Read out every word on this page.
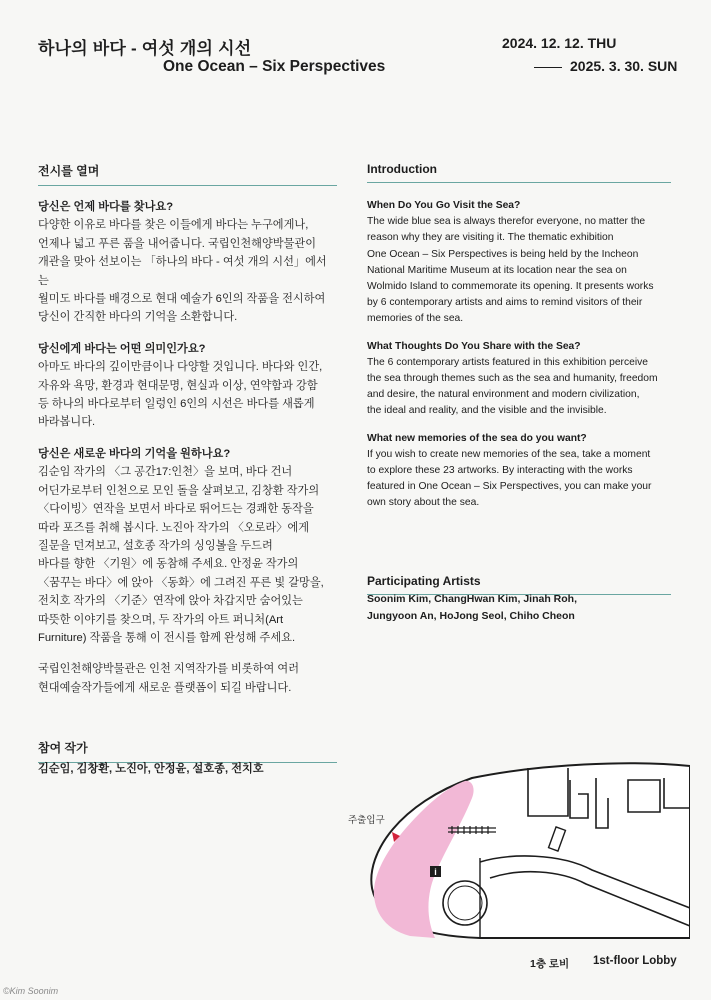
하나의 바다 - 여섯 개의 시선
One Ocean – Six Perspectives
2024. 12. 12. THU
2025. 3. 30. SUN
전시를 열며

당신은 언제 바다를 찾나요?
다양한 이유로 바다를 찾은 이들에게 바다는 누구에게나,
언제나 넓고 푸른 품을 내어줍니다. 국립인천해양박물관이
개관을 맞아 선보이는 「하나의 바다 - 여섯 개의 시선」에서는
월미도 바다를 배경으로 현대 예술가 6인의 작품을 전시하여
당신이 간직한 바다의 기억을 소환합니다.

당신에게 바다는 어떤 의미인가요?
아마도 바다의 깊이만큼이나 다양할 것입니다. 바다와 인간,
자유와 욕망, 환경과 현대문명, 현실과 이상, 연약함과 강함
등 하나의 바다로부터 일렁인 6인의 시선은 바다를 새롭게
바라봅니다.

당신은 새로운 바다의 기억을 원하나요?
김순임 작가의 〈그 공간17:인천〉을 보며, 바다 건너
어딘가로부터 인천으로 모인 돌을 살펴보고, 김창환 작가의
〈다이빙〉연작을 보면서 바다로 뛰어드는 경쾌한 동작을
따라 포즈를 취해 봅시다. 노진아 작가의 〈오로라〉에게
질문을 던져보고, 설호종 작가의 싱잉볼을 두드려
바다를 향한 〈기원〉에 동참해 주세요. 안정윤 작가의
〈꿈꾸는 바다〉에 앉아 〈동화〉에 그려진 푸른 빛 갈망을,
전치호 작가의 〈기준〉연작에 앉아 차갑지만 숨어있는
따뜻한 이야기를 찾으며, 두 작가의 아트 퍼니처(Art
Furniture) 작품을 통해 이 전시를 함께 완성해 주세요.

국립인천해양박물관은 인천 지역작가를 비롯하여 여러
현대예술작가들에게 새로운 플랫폼이 되길 바랍니다.

참여 작가
김순임, 김창환, 노진아, 안정윤, 설호종, 전치호
Introduction

When Do You Go Visit the Sea?
The wide blue sea is always therefor everyone, no matter the
reason why they are visiting it. The thematic exhibition
One Ocean – Six Perspectives is being held by the Incheon
National Maritime Museum at its location near the sea on
Wolmido Island to commemorate its opening. It presents works
by 6 contemporary artists and aims to remind visitors of their
memories of the sea.

What Thoughts Do You Share with the Sea?
The 6 contemporary artists featured in this exhibition perceive
the sea through themes such as the sea and humanity, freedom
and desire, the natural environment and modern civilization,
the ideal and reality, and the visible and the invisible.

What new memories of the sea do you want?
If you wish to create new memories of the sea, take a moment
to explore these 23 artworks. By interacting with the works
featured in One Ocean – Six Perspectives, you can make your
own story about the sea.

Participating Artists
Soonim Kim, ChangHwan Kim, Jinah Roh,
Jungyoon An, HoJong Seol, Chiho Cheon
주출입구
i
1층 로비 1st-floor Lobby
©Kim Soonim
